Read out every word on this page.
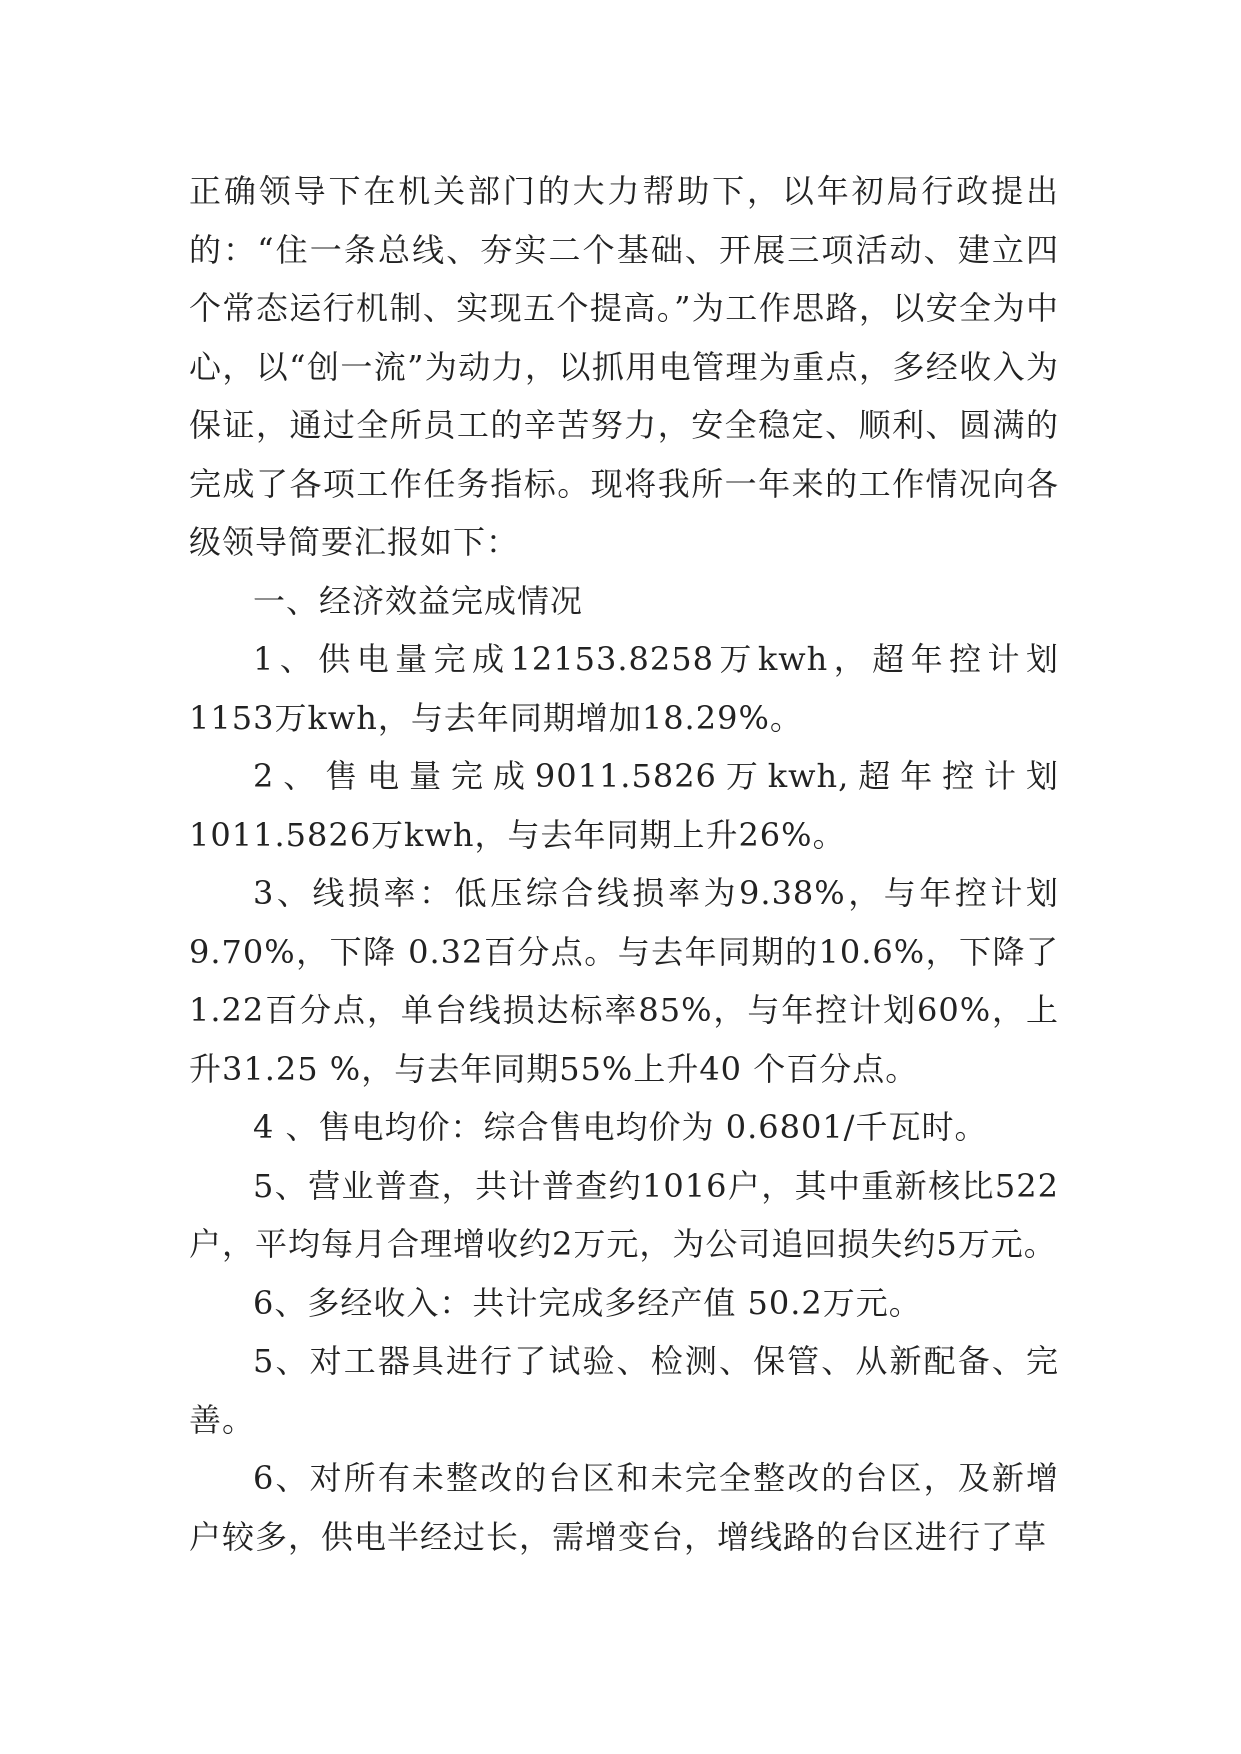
正确领导下在机关部门的大力帮助下，以年初局行政提出的：“住一条总线、夯实二个基础、开展三项活动、建立四个常态运行机制、实现五个提高。”为工作思路，以安全为中心，以“创一流”为动力，以抓用电管理为重点，多经收入为保证，通过全所员工的辛苦努力，安全稳定、顺利、圆满的完成了各项工作任务指标。现将我所一年来的工作情况向各级领导简要汇报如下：

一、经济效益完成情况

1、供电量完成12153.8258万kwh，超年控计划1153万kwh，与去年同期增加18.29%。

2、售电量完成9011.5826万kwh,超年控计划1011.5826万kwh，与去年同期上升26%。

3、线损率：低压综合线损率为9.38%，与年控计划9.70%，下降 0.32百分点。与去年同期的10.6%，下降了1.22百分点，单台线损达标率85%，与年控计划60%，上升31.25 %，与去年同期55%上升40 个百分点。

4 、售电均价：综合售电均价为 0.6801/千瓦时。

5、营业普查，共计普查约1016户，其中重新核比522户，平均每月合理增收约2万元，为公司追回损失约5万元。

6、多经收入：共计完成多经产值 50.2万元。

5、对工器具进行了试验、检测、保管、从新配备、完善。

6、对所有未整改的台区和未完全整改的台区，及新增户较多，供电半经过长，需增变台，增线路的台区进行了草
